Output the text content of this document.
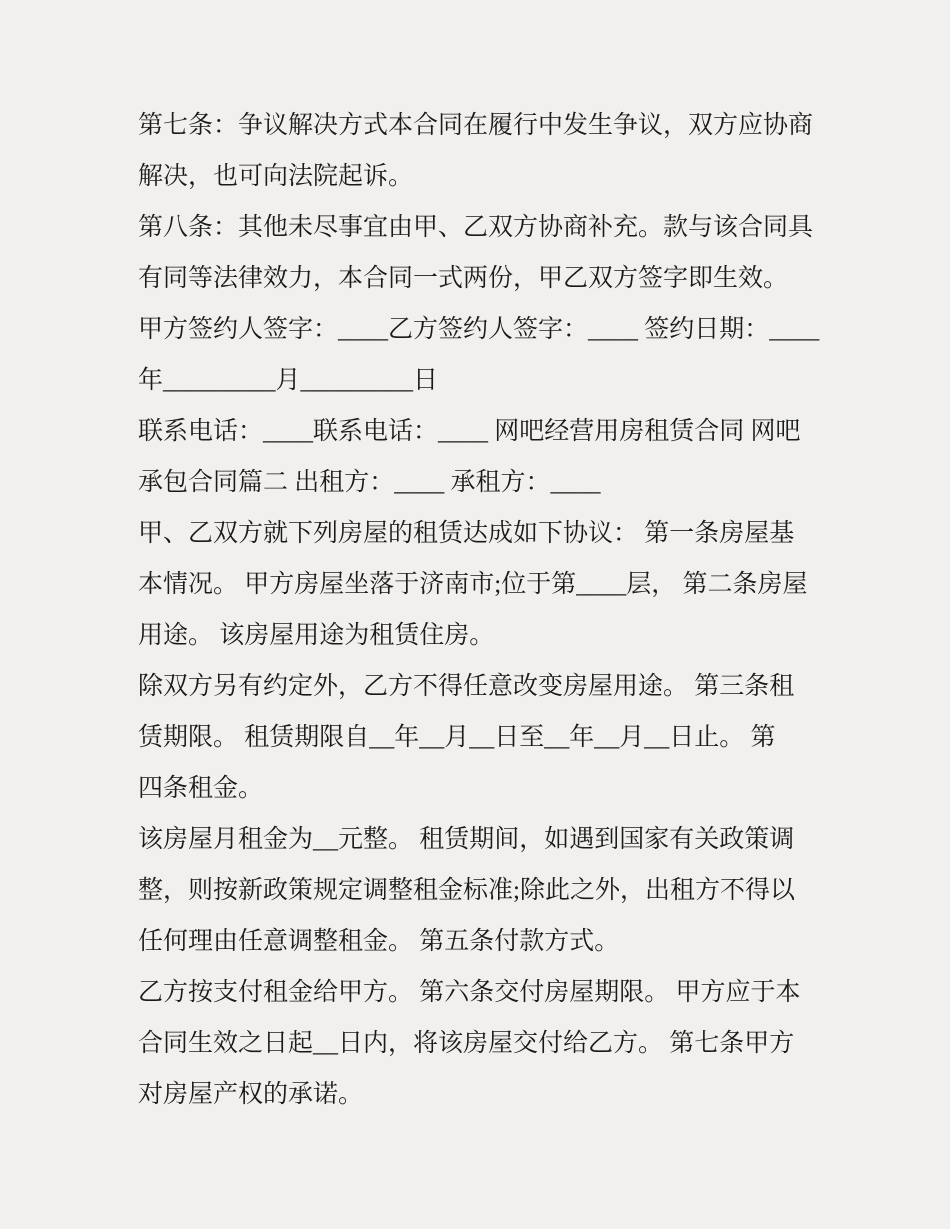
第七条：争议解决方式本合同在履行中发生争议，双方应协商
解决，也可向法院起诉。
第八条：其他未尽事宜由甲、乙双方协商补充。款与该合同具
有同等法律效力，本合同一式两份，甲乙双方签字即生效。
甲方签约人签字：____乙方签约人签字：____ 签约日期：____
年_________月_________日
联系电话：____联系电话：____ 网吧经营用房租赁合同 网吧
承包合同篇二 出租方：____ 承租方：____
甲、乙双方就下列房屋的租赁达成如下协议： 第一条房屋基
本情况。 甲方房屋坐落于济南市;位于第____层， 第二条房屋
用途。 该房屋用途为租赁住房。
除双方另有约定外，乙方不得任意改变房屋用途。 第三条租
赁期限。 租赁期限自__年__月__日至__年__月__日止。 第
四条租金。
该房屋月租金为__元整。 租赁期间，如遇到国家有关政策调
整，则按新政策规定调整租金标准;除此之外，出租方不得以
任何理由任意调整租金。 第五条付款方式。
乙方按支付租金给甲方。 第六条交付房屋期限。 甲方应于本
合同生效之日起__日内，将该房屋交付给乙方。 第七条甲方
对房屋产权的承诺。
